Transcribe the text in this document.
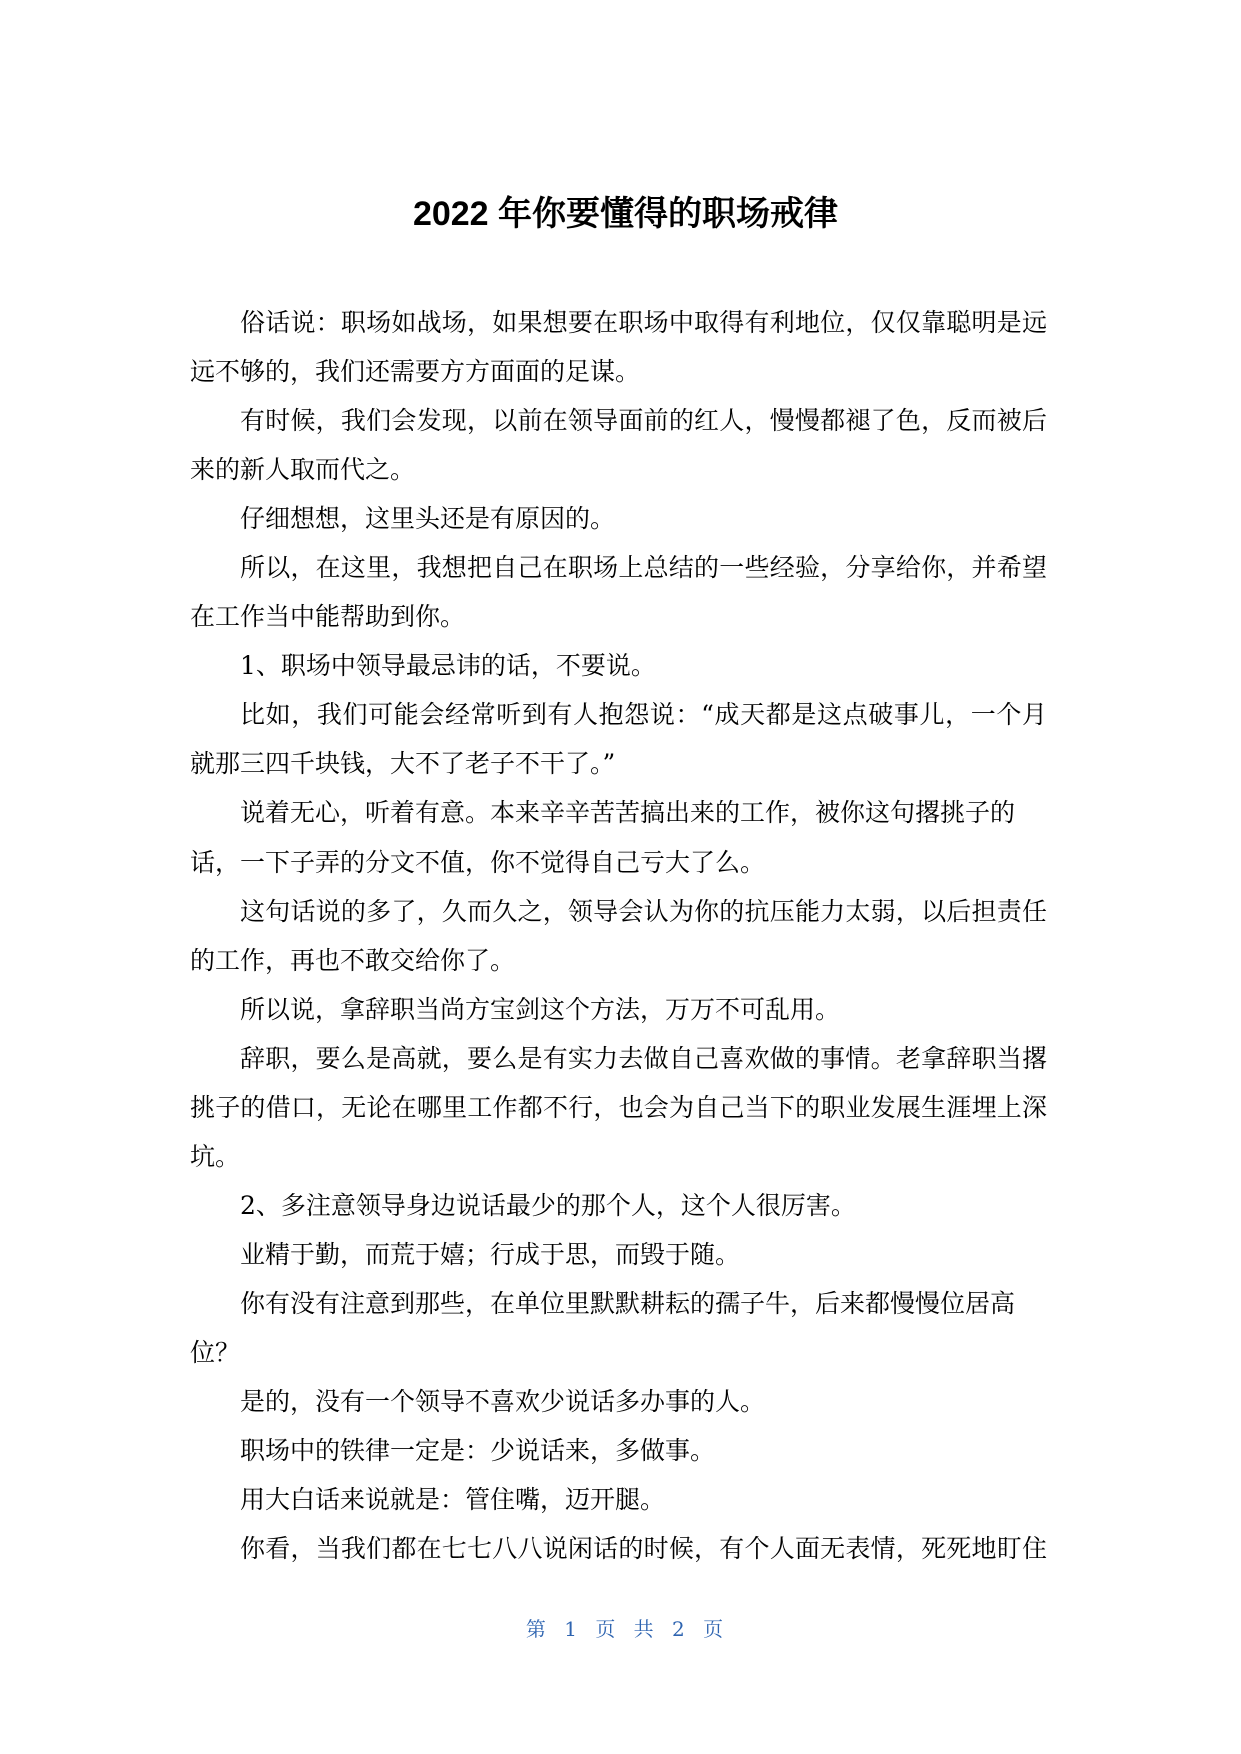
2022 年你要懂得的职场戒律
俗话说：职场如战场，如果想要在职场中取得有利地位，仅仅靠聪明是远
远不够的，我们还需要方方面面的足谋。
有时候，我们会发现，以前在领导面前的红人，慢慢都褪了色，反而被后
来的新人取而代之。
仔细想想，这里头还是有原因的。
所以，在这里，我想把自己在职场上总结的一些经验，分享给你，并希望
在工作当中能帮助到你。
1、职场中领导最忌讳的话，不要说。
比如，我们可能会经常听到有人抱怨说：“成天都是这点破事儿，一个月
就那三四千块钱，大不了老子不干了。”
说着无心，听着有意。本来辛辛苦苦搞出来的工作，被你这句撂挑子的
话，一下子弄的分文不值，你不觉得自己亏大了么。
这句话说的多了，久而久之，领导会认为你的抗压能力太弱，以后担责任
的工作，再也不敢交给你了。
所以说，拿辞职当尚方宝剑这个方法，万万不可乱用。
辞职，要么是高就，要么是有实力去做自己喜欢做的事情。老拿辞职当撂
挑子的借口，无论在哪里工作都不行，也会为自己当下的职业发展生涯埋上深
坑。
2、多注意领导身边说话最少的那个人，这个人很厉害。
业精于勤，而荒于嬉；行成于思，而毁于随。
你有没有注意到那些，在单位里默默耕耘的孺子牛，后来都慢慢位居高
位？
是的，没有一个领导不喜欢少说话多办事的人。
职场中的铁律一定是：少说话来，多做事。
用大白话来说就是：管住嘴，迈开腿。
你看，当我们都在七七八八说闲话的时候，有个人面无表情，死死地盯住
第 1 页 共 2 页
